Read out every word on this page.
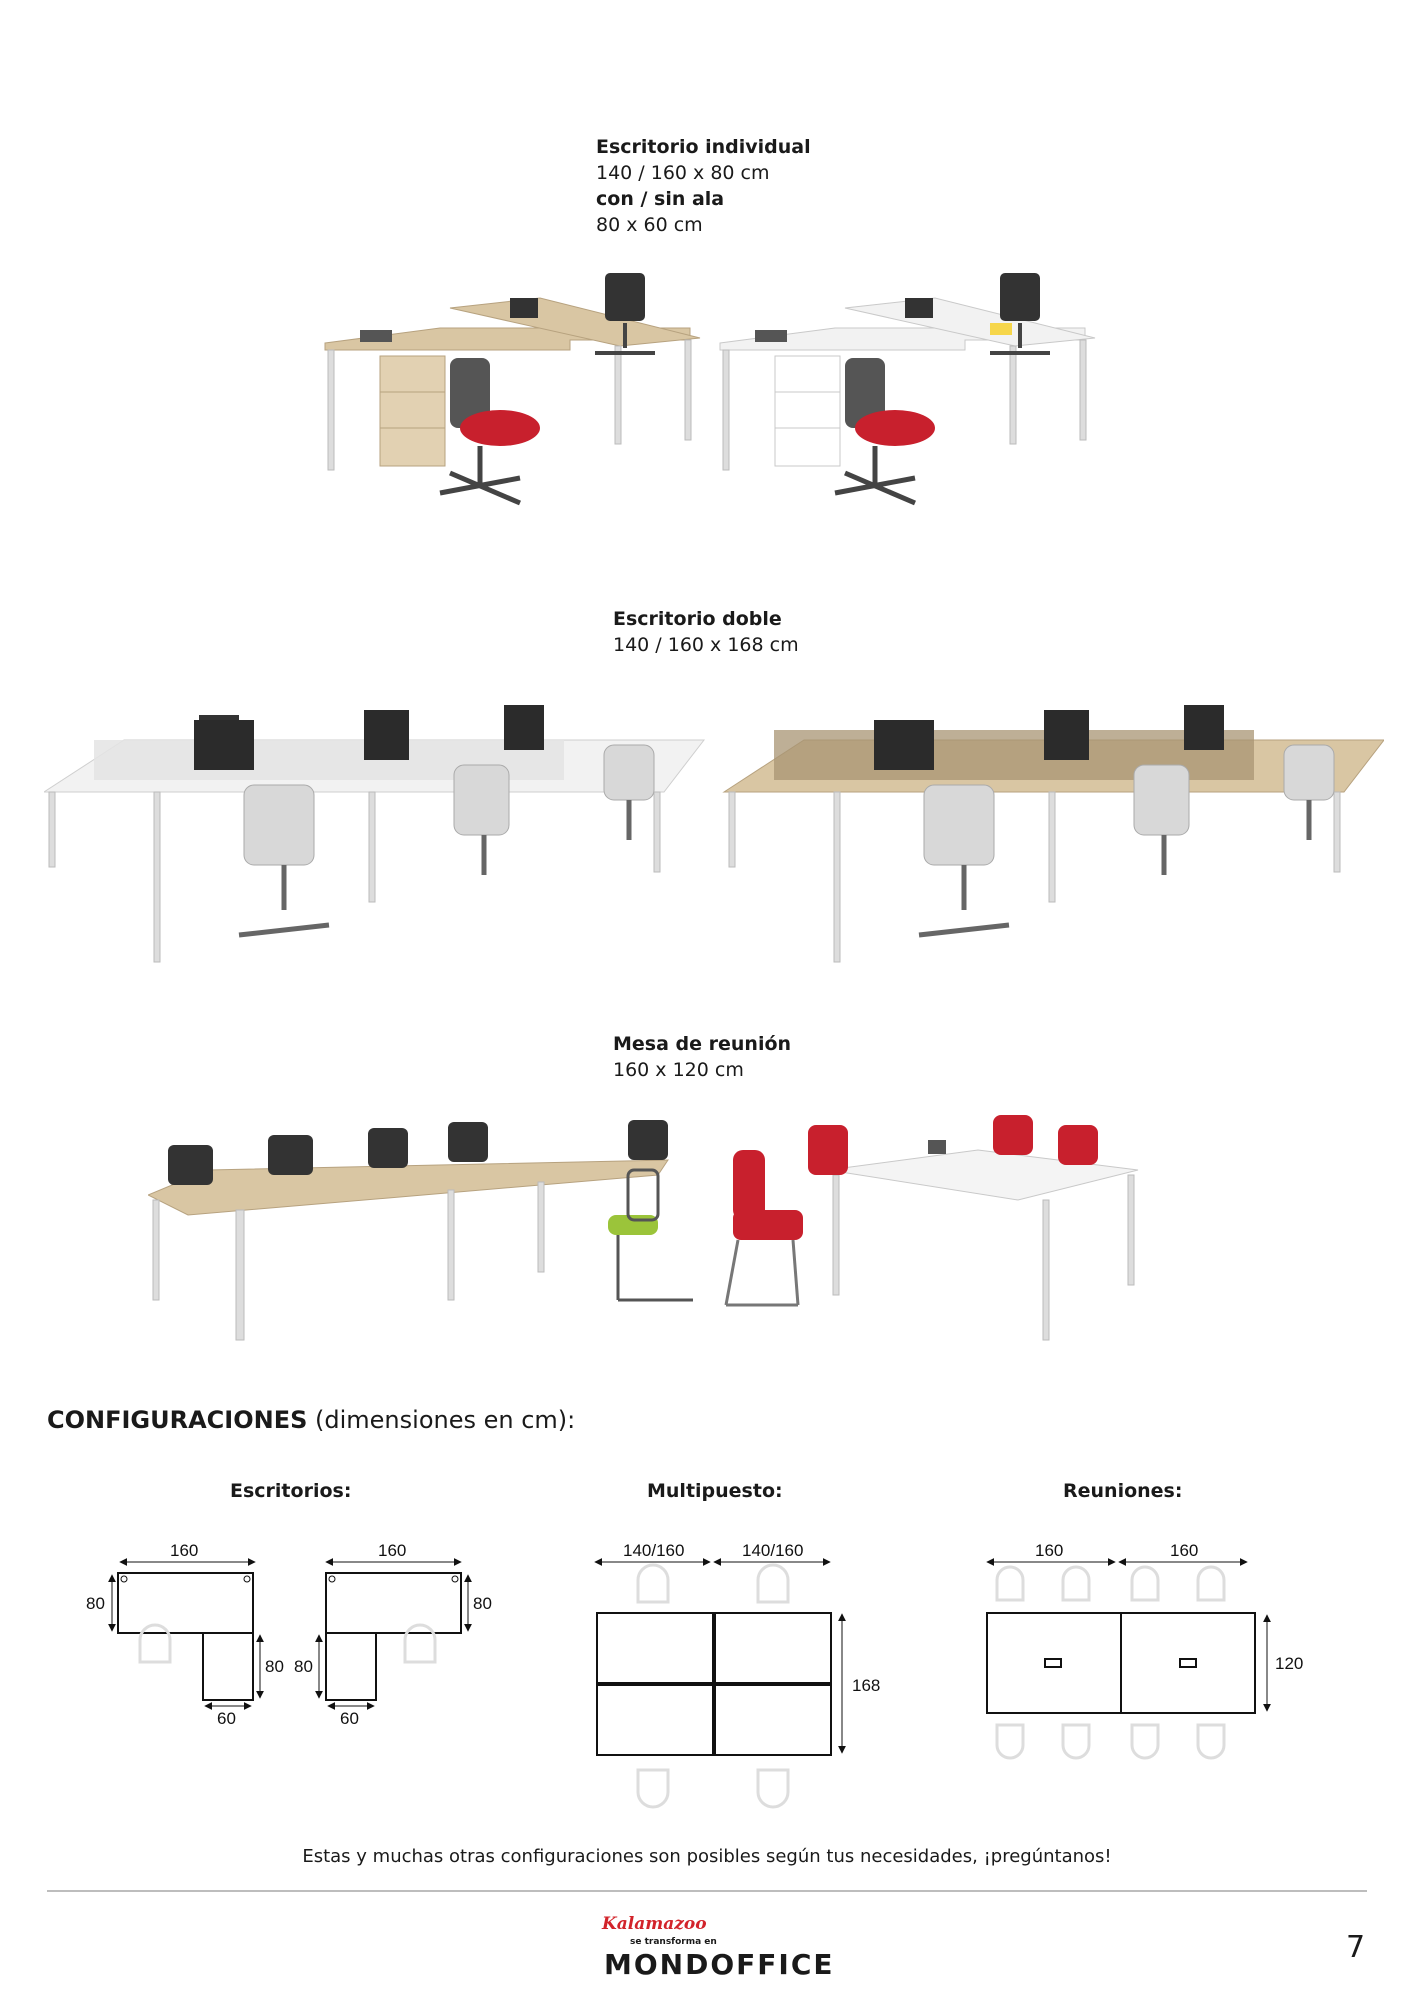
Escritorio individual
140 / 160 x 80 cm
con / sin ala
80 x 60 cm
Escritorio doble
140 / 160 x 168 cm
Mesa de reunión
160 x 120 cm
CONFIGURACIONES (dimensiones en cm):
Escritorios:	Multipuesto:	Reuniones:
160
80
80
60
160
80
80
60
140/160	140/160
168
160	160
120
Estas y muchas otras configuraciones son posibles según tus necesidades, ¡pregúntanos!
Kalamazoo
se transforma en
MONDOFFICE	7
